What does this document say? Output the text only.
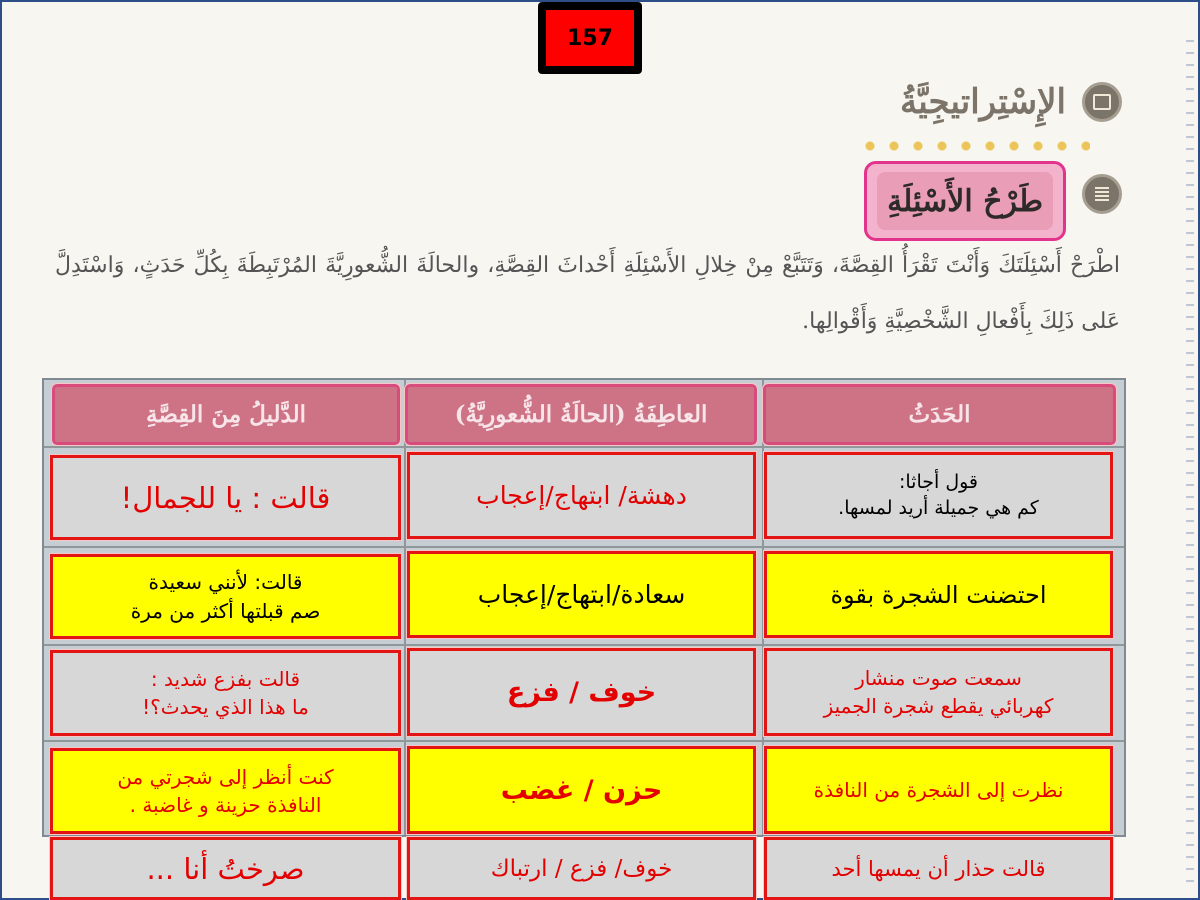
157
الإِسْتِراتيجِيَّةُ
طَرْحُ الأَسْئِلَةِ
اطْرَحْ أَسْئِلَتَكَ وَأَنْتَ تَقْرَأُ القِصَّةَ، وَتَتَبَّعْ مِنْ خِلالِ الأَسْئِلَةِ أَحْداثَ القِصَّةِ، والحالَةَ الشُّعورِيَّةَ المُرْتَبِطَةَ بِكُلِّ حَدَثٍ، وَاسْتَدِلَّ عَلى ذَلِكَ بِأَفْعالِ الشَّخْصِيَّةِ وَأَقْوالِها.
الحَدَثُ
العاطِفَةُ (الحالَةُ الشُّعورِيَّةُ)
الدَّليلُ مِنَ القِصَّةِ
قول أجاثا:
كم هي جميلة أريد لمسها.
دهشة/ ابتهاج/إعجاب
قالت : يا للجمال!
احتضنت الشجرة بقوة
سعادة/ابتهاج/إعجاب
قالت: لأنني سعيدة
صم قبلتها أكثر من مرة
سمعت صوت منشار
كهربائي يقطع شجرة الجميز
خوف / فزع
قالت بفزع شديد :
ما هذا الذي يحدث؟!
نظرت إلى الشجرة من النافذة
حزن / غضب
كنت أنظر إلى شجرتي من
النافذة حزينة و غاضبة .
قالت حذار أن يمسها أحد
خوف/ فزع / ارتباك
صرختُ أنا ...
